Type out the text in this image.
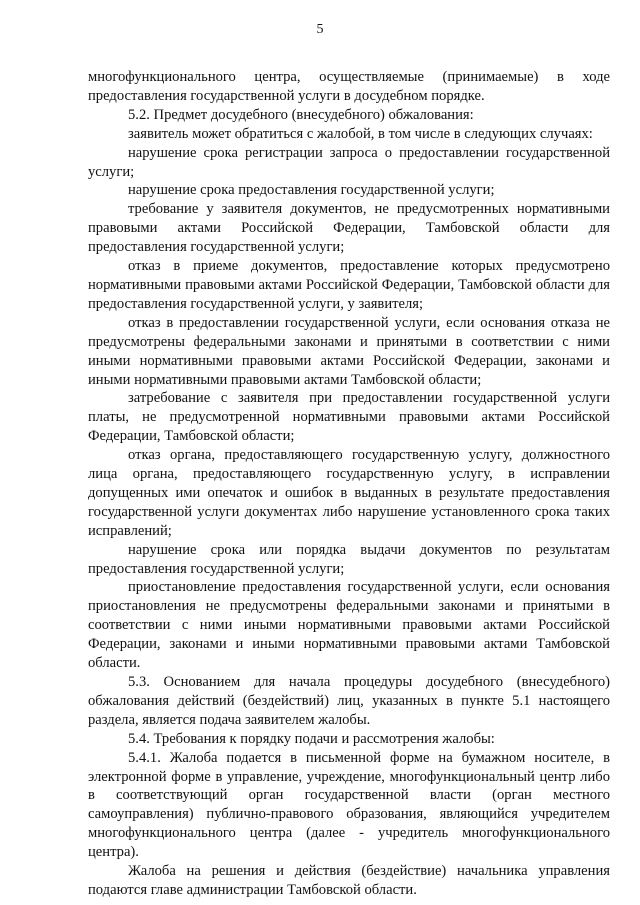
5

многофункционального центра, осуществляемые (принимаемые) в ходе предоставления государственной услуги в досудебном порядке.

5.2. Предмет досудебного (внесудебного) обжалования:

заявитель может обратиться с жалобой, в том числе в следующих случаях:

нарушение срока регистрации запроса о предоставлении государственной услуги;

нарушение срока предоставления государственной услуги;

требование у заявителя документов, не предусмотренных нормативными правовыми актами Российской Федерации, Тамбовской области для предоставления государственной услуги;

отказ в приеме документов, предоставление которых предусмотрено нормативными правовыми актами Российской Федерации, Тамбовской области для предоставления государственной услуги, у заявителя;

отказ в предоставлении государственной услуги, если основания отказа не предусмотрены федеральными законами и принятыми в соответствии с ними иными нормативными правовыми актами Российской Федерации, законами и иными нормативными правовыми актами Тамбовской области;

затребование с заявителя при предоставлении государственной услуги платы, не предусмотренной нормативными правовыми актами Российской Федерации, Тамбовской области;

отказ органа, предоставляющего государственную услугу, должностного лица органа, предоставляющего государственную услугу, в исправлении допущенных ими опечаток и ошибок в выданных в результате предоставления государственной услуги документах либо нарушение установленного срока таких исправлений;

нарушение срока или порядка выдачи документов по результатам предоставления государственной услуги;

приостановление предоставления государственной услуги, если основания приостановления не предусмотрены федеральными законами и принятыми в соответствии с ними иными нормативными правовыми актами Российской Федерации, законами и иными нормативными правовыми актами Тамбовской области.

5.3. Основанием для начала процедуры досудебного (внесудебного) обжалования действий (бездействий) лиц, указанных в пункте 5.1 настоящего раздела, является подача заявителем жалобы.

5.4. Требования к порядку подачи и рассмотрения жалобы:

5.4.1. Жалоба подается в письменной форме на бумажном носителе, в электронной форме в управление, учреждение, многофункциональный центр либо в соответствующий орган государственной власти (орган местного самоуправления) публично-правового образования, являющийся учредителем многофункционального центра (далее - учредитель многофункционального центра).

Жалоба на решения и действия (бездействие) начальника управления подаются главе администрации Тамбовской области.
